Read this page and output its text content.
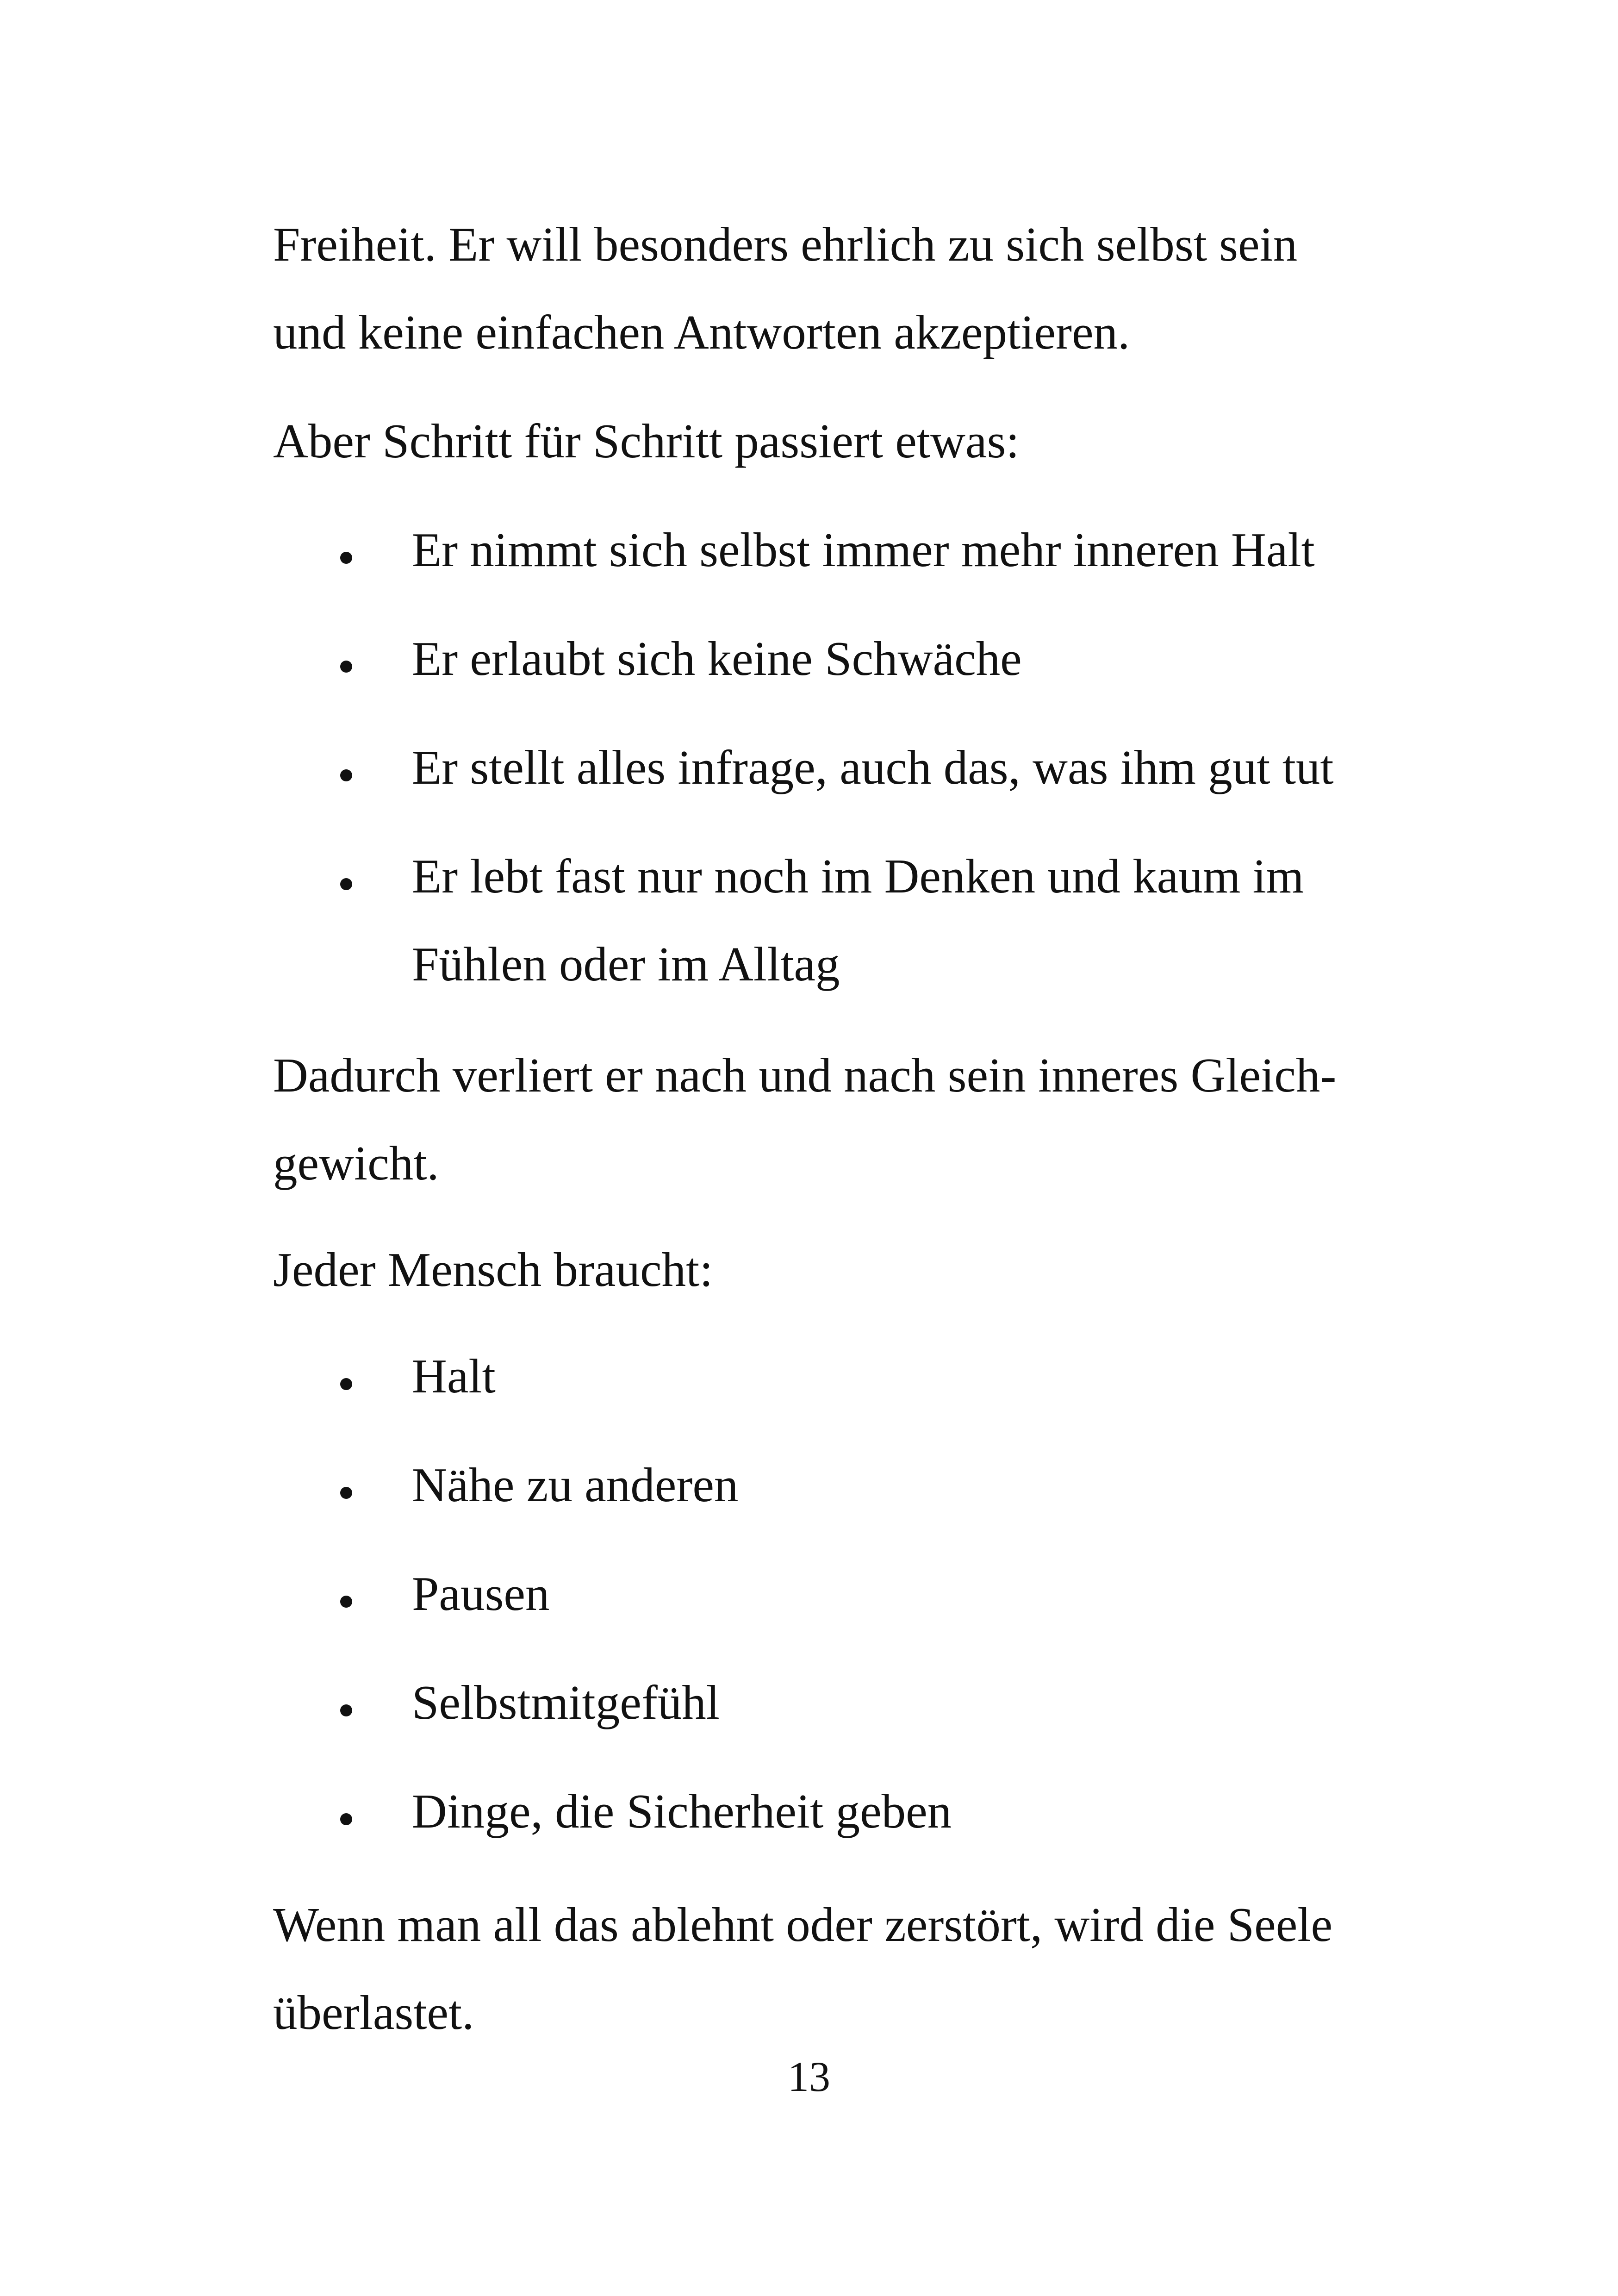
Freiheit. Er will besonders ehrlich zu sich selbst sein
und keine einfachen Antworten akzeptieren.
Aber Schritt für Schritt passiert etwas:
Er nimmt sich selbst immer mehr inneren Halt
Er erlaubt sich keine Schwäche
Er stellt alles infrage, auch das, was ihm gut tut
Er lebt fast nur noch im Denken und kaum im
Fühlen oder im Alltag
Dadurch verliert er nach und nach sein inneres Gleich-
gewicht.
Jeder Mensch braucht:
Halt
Nähe zu anderen
Pausen
Selbstmitgefühl
Dinge, die Sicherheit geben
Wenn man all das ablehnt oder zerstört, wird die Seele
überlastet.
13
